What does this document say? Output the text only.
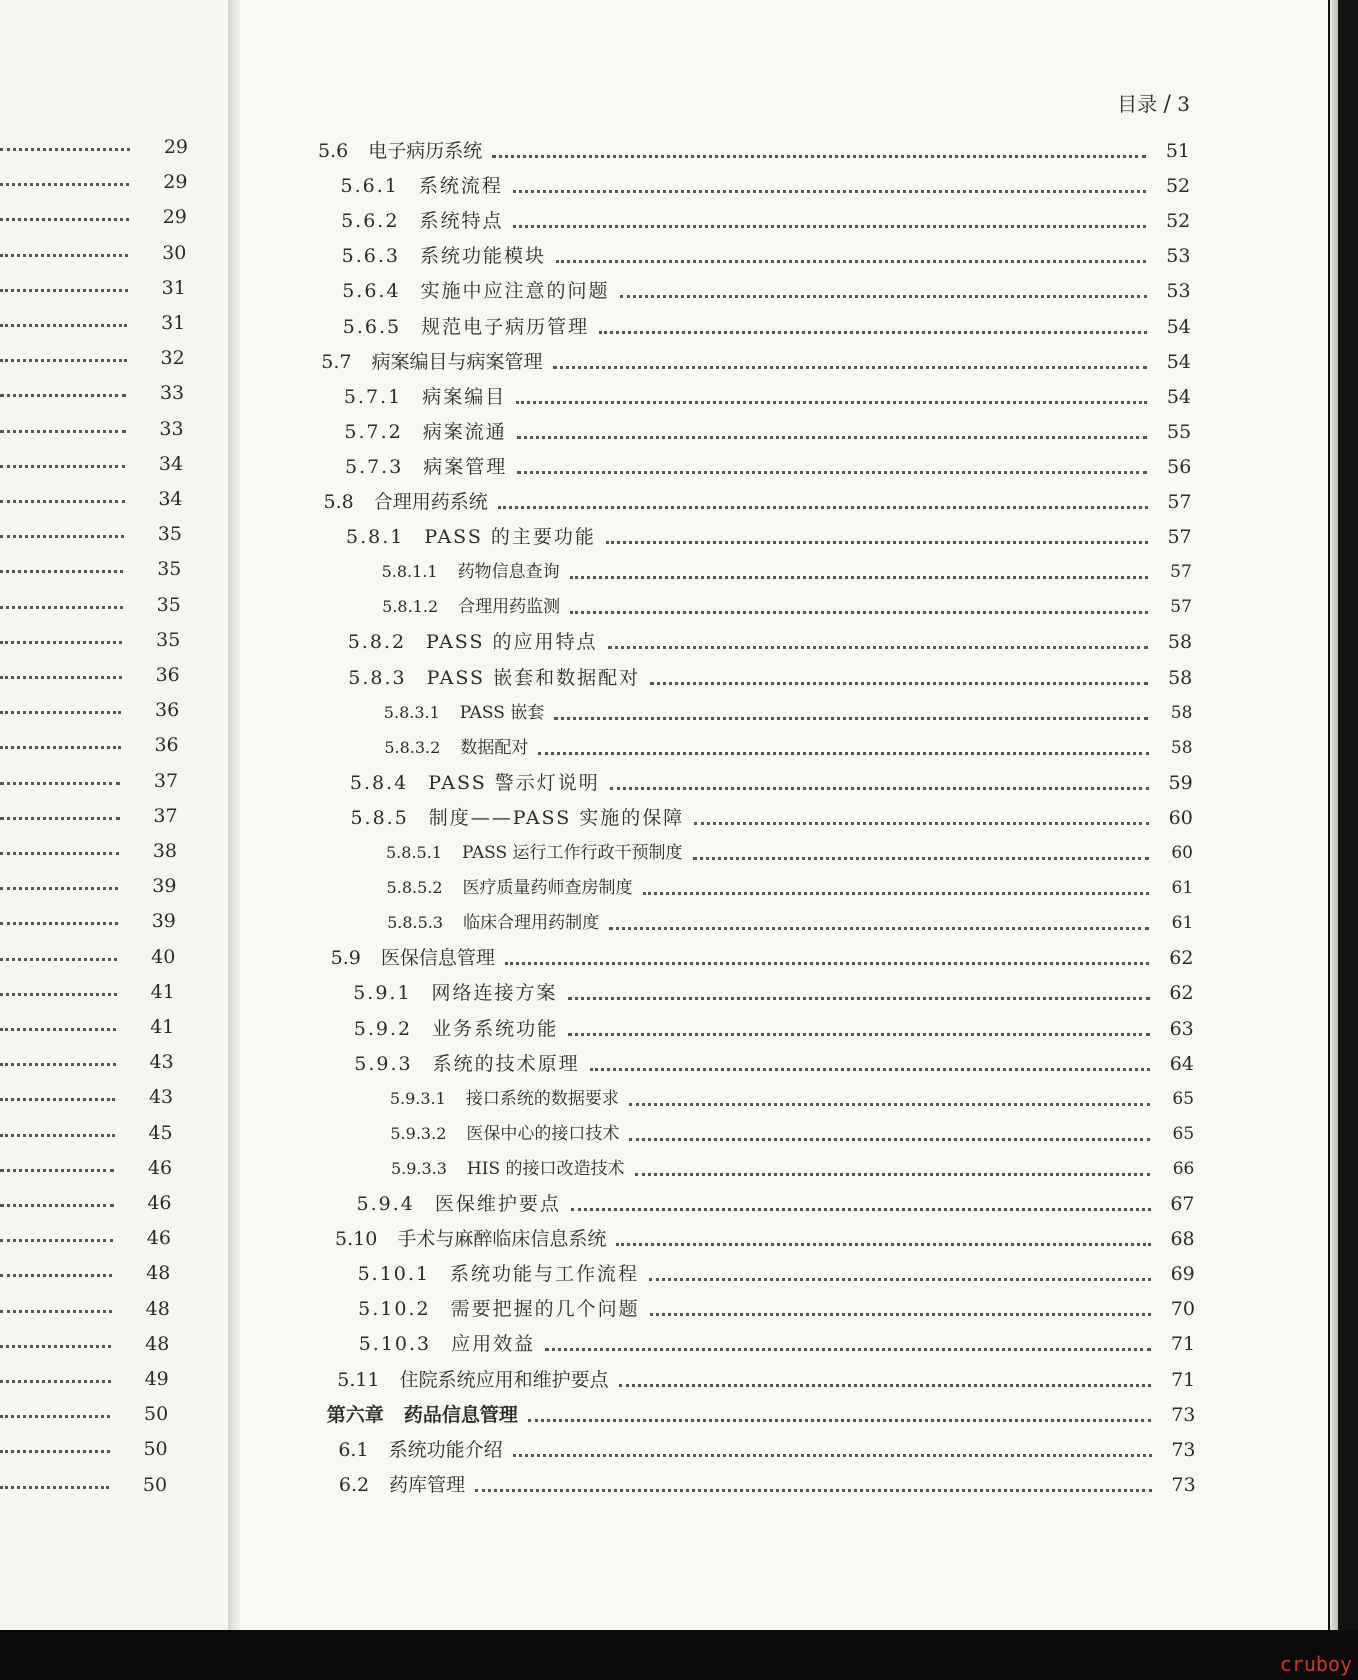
29
29
29
30
31
31
32
33
33
34
34
35
35
35
35
36
36
36
37
37
38
39
39
40
41
41
43
43
45
46
46
46
48
48
48
49
50
50
50
目录 / 3
5.6 电子病历系统	51
5.6.1 系统流程	52
5.6.2 系统特点	52
5.6.3 系统功能模块	53
5.6.4 实施中应注意的问题	53
5.6.5 规范电子病历管理	54
5.7 病案编目与病案管理	54
5.7.1 病案编目	54
5.7.2 病案流通	55
5.7.3 病案管理	56
5.8 合理用药系统	57
5.8.1 PASS 的主要功能	57
5.8.1.1 药物信息查询	57
5.8.1.2 合理用药监测	57
5.8.2 PASS 的应用特点	58
5.8.3 PASS 嵌套和数据配对	58
5.8.3.1 PASS 嵌套	58
5.8.3.2 数据配对	58
5.8.4 PASS 警示灯说明	59
5.8.5 制度——PASS 实施的保障	60
5.8.5.1 PASS 运行工作行政干预制度	60
5.8.5.2 医疗质量药师查房制度	61
5.8.5.3 临床合理用药制度	61
5.9 医保信息管理	62
5.9.1 网络连接方案	62
5.9.2 业务系统功能	63
5.9.3 系统的技术原理	64
5.9.3.1 接口系统的数据要求	65
5.9.3.2 医保中心的接口技术	65
5.9.3.3 HIS 的接口改造技术	66
5.9.4 医保维护要点	67
5.10 手术与麻醉临床信息系统	68
5.10.1 系统功能与工作流程	69
5.10.2 需要把握的几个问题	70
5.10.3 应用效益	71
5.11 住院系统应用和维护要点	71
第六章 药品信息管理	73
6.1 系统功能介绍	73
6.2 药库管理	73
cruboy
